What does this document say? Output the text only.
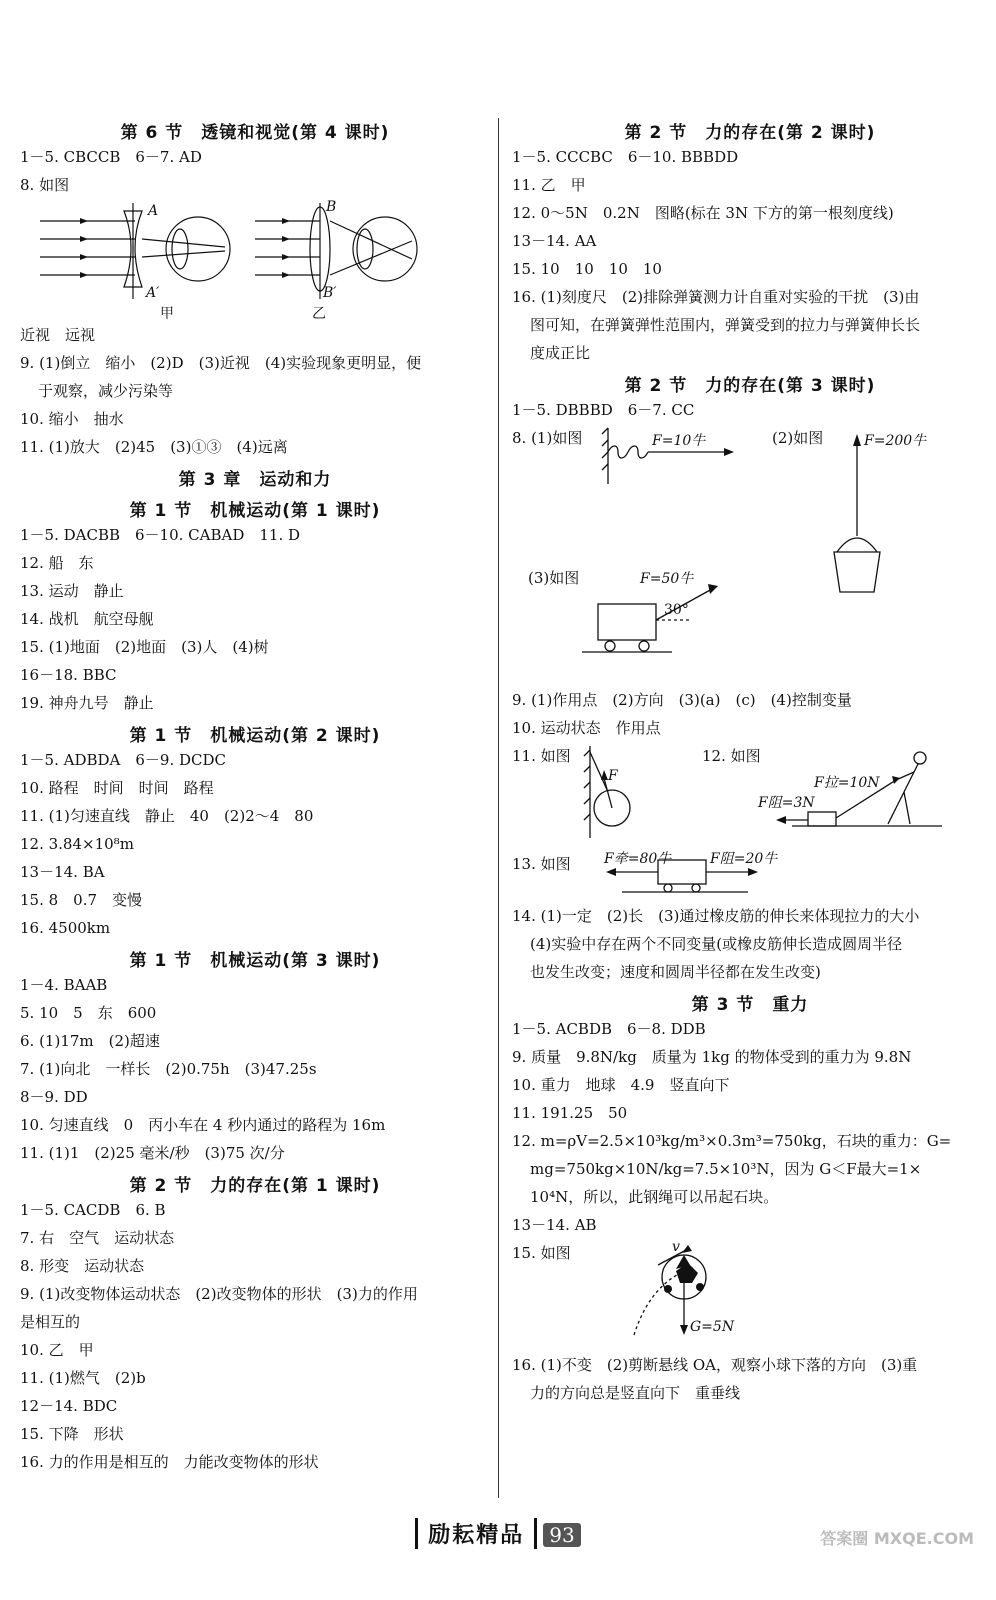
第 6 节　透镜和视觉(第 4 课时)
1－5. CBCCB　6－7. AD
8. 如图
A
A′
B
B′
甲	乙
近视　远视
9. (1)倒立　缩小　(2)D　(3)近视　(4)实验现象更明显，便
于观察，减少污染等
10. 缩小　抽水
11. (1)放大　(2)45　(3)①③　(4)远离
第 3 章　运动和力
第 1 节　机械运动(第 1 课时)
1－5. DACBB　6－10. CABAD　11. D
12. 船　东
13. 运动　静止
14. 战机　航空母舰
15. (1)地面　(2)地面　(3)人　(4)树
16－18. BBC
19. 神舟九号　静止
第 1 节　机械运动(第 2 课时)
1－5. ADBDA　6－9. DCDC
10. 路程　时间　时间　路程
11. (1)匀速直线　静止　40　(2)2～4　80
12. 3.84×10⁸m
13－14. BA
15. 8　0.7　变慢
16. 4500km
第 1 节　机械运动(第 3 课时)
1－4. BAAB
5. 10　5　东　600
6. (1)17m　(2)超速
7. (1)向北　一样长　(2)0.75h　(3)47.25s
8－9. DD
10. 匀速直线　0　丙小车在 4 秒内通过的路程为 16m
11. (1)1　(2)25 毫米/秒　(3)75 次/分
第 2 节　力的存在(第 1 课时)
1－5. CACDB　6. B
7. 右　空气　运动状态
8. 形变　运动状态
9. (1)改变物体运动状态　(2)改变物体的形状　(3)力的作用
是相互的
10. 乙　甲
11. (1)燃气　(2)b
12－14. BDC
15. 下降　形状
16. 力的作用是相互的　力能改变物体的形状
第 2 节　力的存在(第 2 课时)
1－5. CCCBC　6－10. BBBDD
11. 乙　甲
12. 0～5N　0.2N　图略(标在 3N 下方的第一根刻度线)
13－14. AA
15. 10　10　10　10
16. (1)刻度尺　(2)排除弹簧测力计自重对实验的干扰　(3)由
图可知，在弹簧弹性范围内，弹簧受到的拉力与弹簧伸长长
度成正比
第 2 节　力的存在(第 3 课时)
1－5. DBBBD　6－7. CC
8. (1)如图	F=10牛	(2)如图	F=200牛
(3)如图	F=50牛
30°
9. (1)作用点　(2)方向　(3)(a)　(c)　(4)控制变量
10. 运动状态　作用点
11. 如图
F
12. 如图
F拉=10N
F阻=3N
13. 如图 F牵=80牛	F阻=20牛
14. (1)一定　(2)长　(3)通过橡皮筋的伸长来体现拉力的大小
(4)实验中存在两个不同变量(或橡皮筋伸长造成圆周半径
也发生改变；速度和圆周半径都在发生改变)
第 3 节　重力
1－5. ACBDB　6－8. DDB
9. 质量　9.8N/kg　质量为 1kg 的物体受到的重力为 9.8N
10. 重力　地球　4.9　竖直向下
11. 191.25　50
12. m=ρV=2.5×10³kg/m³×0.3m³=750kg，石块的重力：G=
mg=750kg×10N/kg=7.5×10³N，因为 G＜F最大=1×
10⁴N，所以，此钢绳可以吊起石块。
13－14. AB
15. 如图	v
G=5N
16. (1)不变　(2)剪断悬线 OA，观察小球下落的方向　(3)重
力的方向总是竖直向下　重垂线
励耘精品 93	答案圈 MXQE.COM
